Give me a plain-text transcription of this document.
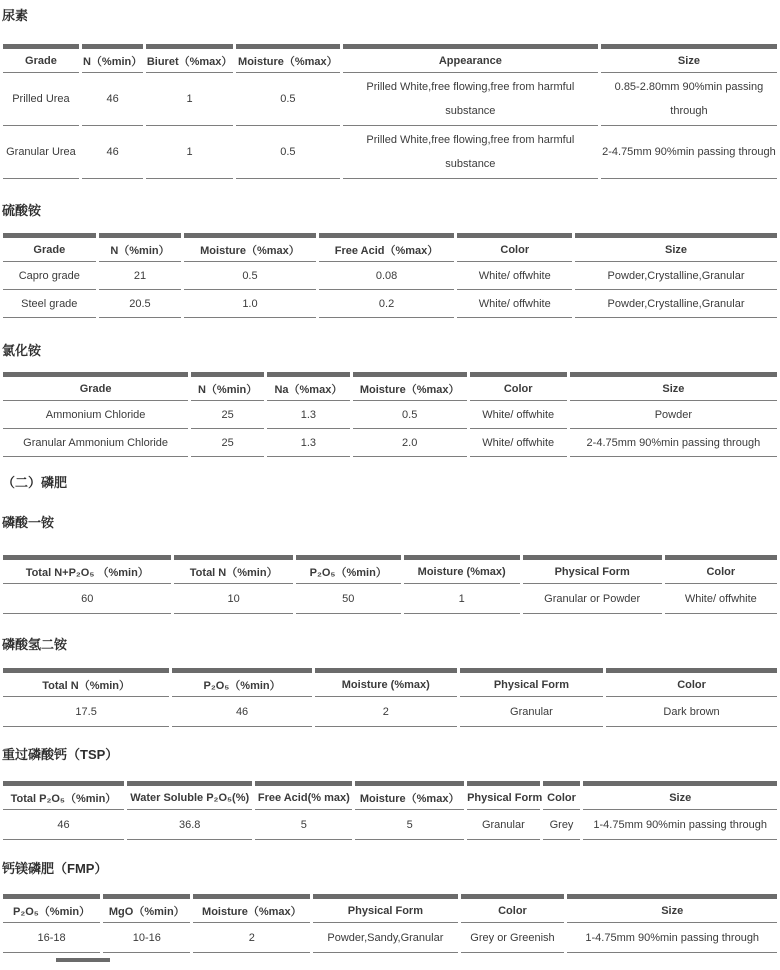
尿素
Grade	N（%min）	Biuret（%max）	Moisture（%max）	Appearance	Size
Prilled Urea	46	1	0.5	Prilled White,free flowing,free from harmful substance	0.85-2.80mm 90%min passing through
Granular Urea	46	1	0.5	Prilled White,free flowing,free from harmful substance	2-4.75mm 90%min passing through
硫酸铵
Grade	N（%min）	Moisture（%max）	Free Acid（%max）	Color	Size
Capro grade	21	0.5	0.08	White/ offwhite	Powder,Crystalline,Granular
Steel grade	20.5	1.0	0.2	White/ offwhite	Powder,Crystalline,Granular
氯化铵
Grade	N（%min）	Na（%max）	Moisture（%max）	Color	Size
Ammonium Chloride	25	1.3	0.5	White/ offwhite	Powder
Granular Ammonium Chloride	25	1.3	2.0	White/ offwhite	2-4.75mm 90%min passing through
（二）磷肥
磷酸一铵
Total N+P₂O₅ （%min）	Total N（%min）	P₂O₅（%min）	Moisture (%max)	Physical Form	Color
60	10	50	1	Granular or Powder	White/ offwhite
磷酸氢二铵
Total N（%min）	P₂O₅（%min）	Moisture (%max)	Physical Form	Color
17.5	46	2	Granular	Dark brown
重过磷酸钙（TSP）
Total P₂O₅（%min）	Water Soluble P₂O₅(%)	Free Acid(% max)	Moisture（%max）	Physical Form	Color	Size
46	36.8	5	5	Granular	Grey	1-4.75mm 90%min passing through
钙镁磷肥（FMP）
P₂O₅（%min）	MgO（%min）	Moisture（%max）	Physical Form	Color	Size
16-18	10-16	2	Powder,Sandy,Granular	Grey or Greenish	1-4.75mm 90%min passing through
